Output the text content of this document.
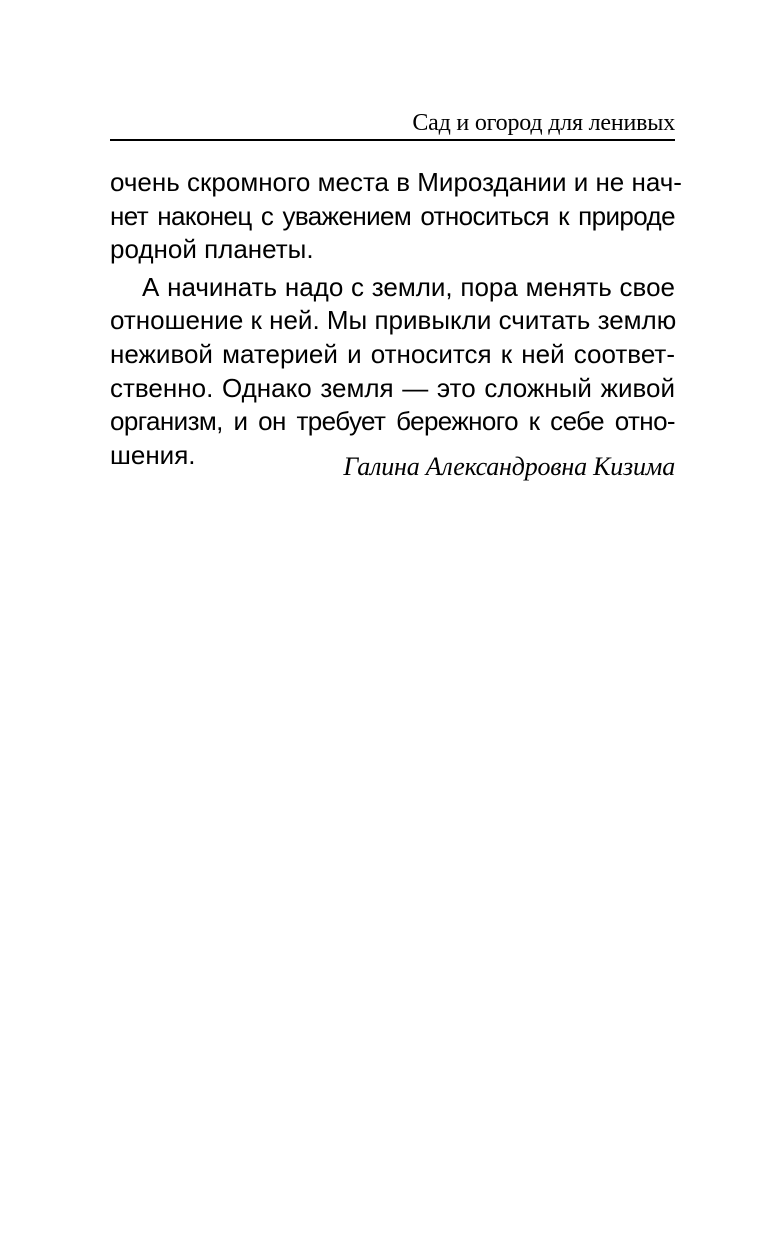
Сад и огород для ленивых
очень скромного места в Мироздании и не нач-
нет наконец с уважением относиться к природе
родной планеты.
А начинать надо с земли, пора менять свое
отношение к ней. Мы привыкли считать землю
неживой материей и относится к ней соответ-
ственно. Однако земля — это сложный живой
организм, и он требует бережного к себе отно-
шения.	Галина Александровна Кизима
